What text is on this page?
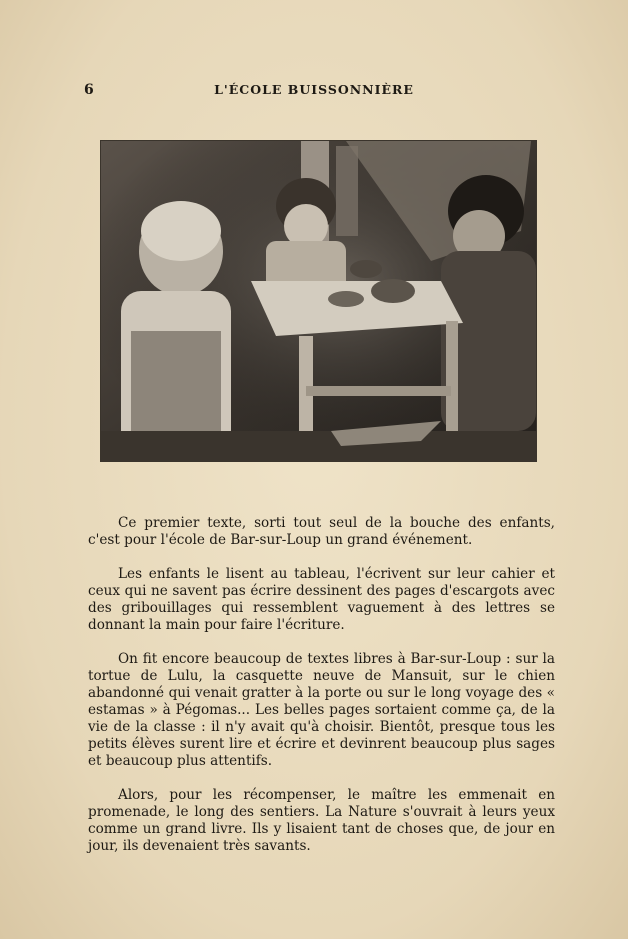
6	L'ÉCOLE BUISSONNIÈRE

Ce premier texte, sorti tout seul de la bouche des enfants, c'est pour l'école de Bar-sur-Loup un grand événement.

Les enfants le lisent au tableau, l'écrivent sur leur cahier et ceux qui ne savent pas écrire dessinent des pages d'escargots avec des gribouillages qui ressemblent vaguement à des lettres se donnant la main pour faire l'écriture.

On fit encore beaucoup de textes libres à Bar-sur-Loup : sur la tortue de Lulu, la casquette neuve de Mansuit, sur le chien abandonné qui venait gratter à la porte ou sur le long voyage des « estamas » à Pégomas... Les belles pages sortaient comme ça, de la vie de la classe : il n'y avait qu'à choisir. Bientôt, presque tous les petits élèves surent lire et écrire et devinrent beaucoup plus sages et beaucoup plus attentifs.

Alors, pour les récompenser, le maître les emmenait en promenade, le long des sentiers. La Nature s'ouvrait à leurs yeux comme un grand livre. Ils y lisaient tant de choses que, de jour en jour, ils devenaient très savants.
